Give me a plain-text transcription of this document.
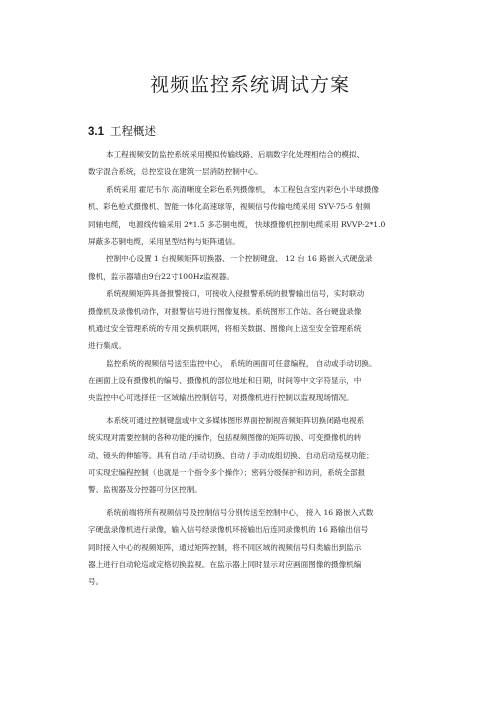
视频监控系统调试方案
3.1 工程概述
本工程视频安防监控系统采用模拟传输线路、后端数字化处理相结合的模拟、
数字混合系统，总控室设在建筑一层消防控制中心。
系统采用 霍尼韦尔 高清晰度全彩色系列摄像机， 本工程包含室内彩色小半球摄像
机、彩色枪式摄像机、智能一体化高速球等，视频信号传输电缆采用 SYV-75-5 射频
同轴电缆， 电源线传输采用 2*1.5 多芯铜电缆， 快球摄像机控制电缆采用 RVVP-2*1.0
屏蔽多芯铜电缆，采用星型结构与矩阵通信。
控制中心设置 1 台视频矩阵切换器、一个控制键盘、 12 台 16 路嵌入式硬盘录
像机，监示器墙由9台22寸100Hz监视器。
系统视频矩阵具备报警接口，可接收入侵报警系统的报警输出信号，实时联动
摄像机及录像机动作，对报警信号进行图像复核。系统图形工作站、各台硬盘录像
机通过安全管理系统的专用交换机联网，将相关数据、图像向上送至安全管理系统
进行集成。
监控系统的视频信号送至监控中心， 系统的画面可任意编程， 自动或手动切换。
在画面上设有摄像机的编号、摄像机的部位地址和日期，时间等中文字符显示，中
央监控中心可选择任一区域输出控制信号，对摄像机进行控制以监视现场情况。
本系统可通过控制键盘或中文多媒体图形界面控制视音频矩阵切换闭路电视系
统实现对需要控制的各种功能的操作，包括视频图像的矩阵切换、可变摄像机的转
动、镜头的伸缩等。具有自动 /手动切换、自动 / 手动成组切换、自动启动巡视功能；
可实现宏编程控制（也就是一个指令多个操作）；密码分级保护和访问，系统全部报
警、监视器及分控器可分区控制。
系统前端将所有视频信号及控制信号分别传送至控制中心， 接入 16 路嵌入式数
字硬盘录像机进行录像，输入信号经录像机环接输出后连同录像机的 16 路输出信号
同时接入中心的视频矩阵，通过矩阵控制，将不同区域的视频信号归类输出到监示
器上进行自动轮巡或定格切换监视。在监示器上同时显示对应画面图像的摄像机编
号。
